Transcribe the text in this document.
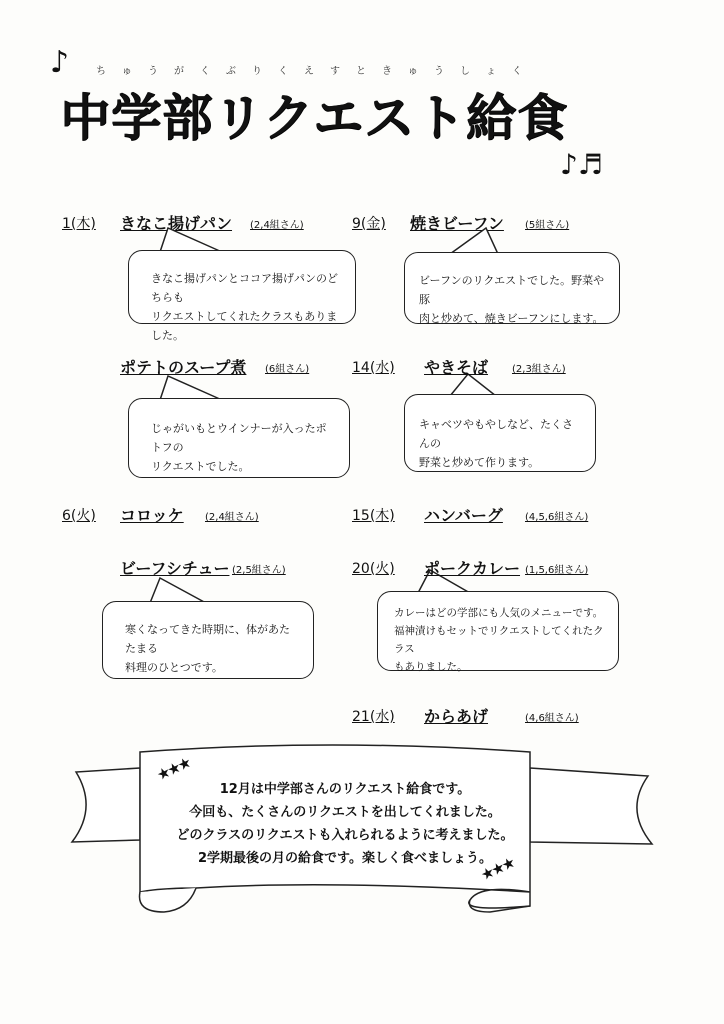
♪	ちゅうがくぶりくえすときゅうしょく
中学部リクエスト給食
♪♬
1(木) きなこ揚げパン (2,4組さん)	9(金) 焼きビーフン (5組さん)

きなこ揚げパンとココア揚げパンのどちらも

リクエストしてくれたクラスもありました。

ビーフンのリクエストでした。野菜や豚

肉と炒めて、焼きビーフンにします。

ポテトのスープ煮 (6組さん)	14(水) やきそば (2,3組さん)

じゃがいもとウインナーが入ったポトフの

リクエストでした。

キャベツやもやしなど、たくさんの

野菜と炒めて作ります。

6(火) コロッケ (2,4組さん)	15(木) ハンバーグ (4,5,6組さん)
ビーフシチュー (2,5組さん)	20(火) ポークカレー (1,5,6組さん)

寒くなってきた時期に、体があたたまる

料理のひとつです。

カレーはどの学部にも人気のメニューです。

福神漬けもセットでリクエストしてくれたクラス

もありました。

21(水) からあげ	(4,6組さん)
★★★
★★★

12月は中学部さんのリクエスト給食です。

今回も、たくさんのリクエストを出してくれました。

どのクラスのリクエストも入れられるように考えました。

2学期最後の月の給食です。楽しく食べましょう。
